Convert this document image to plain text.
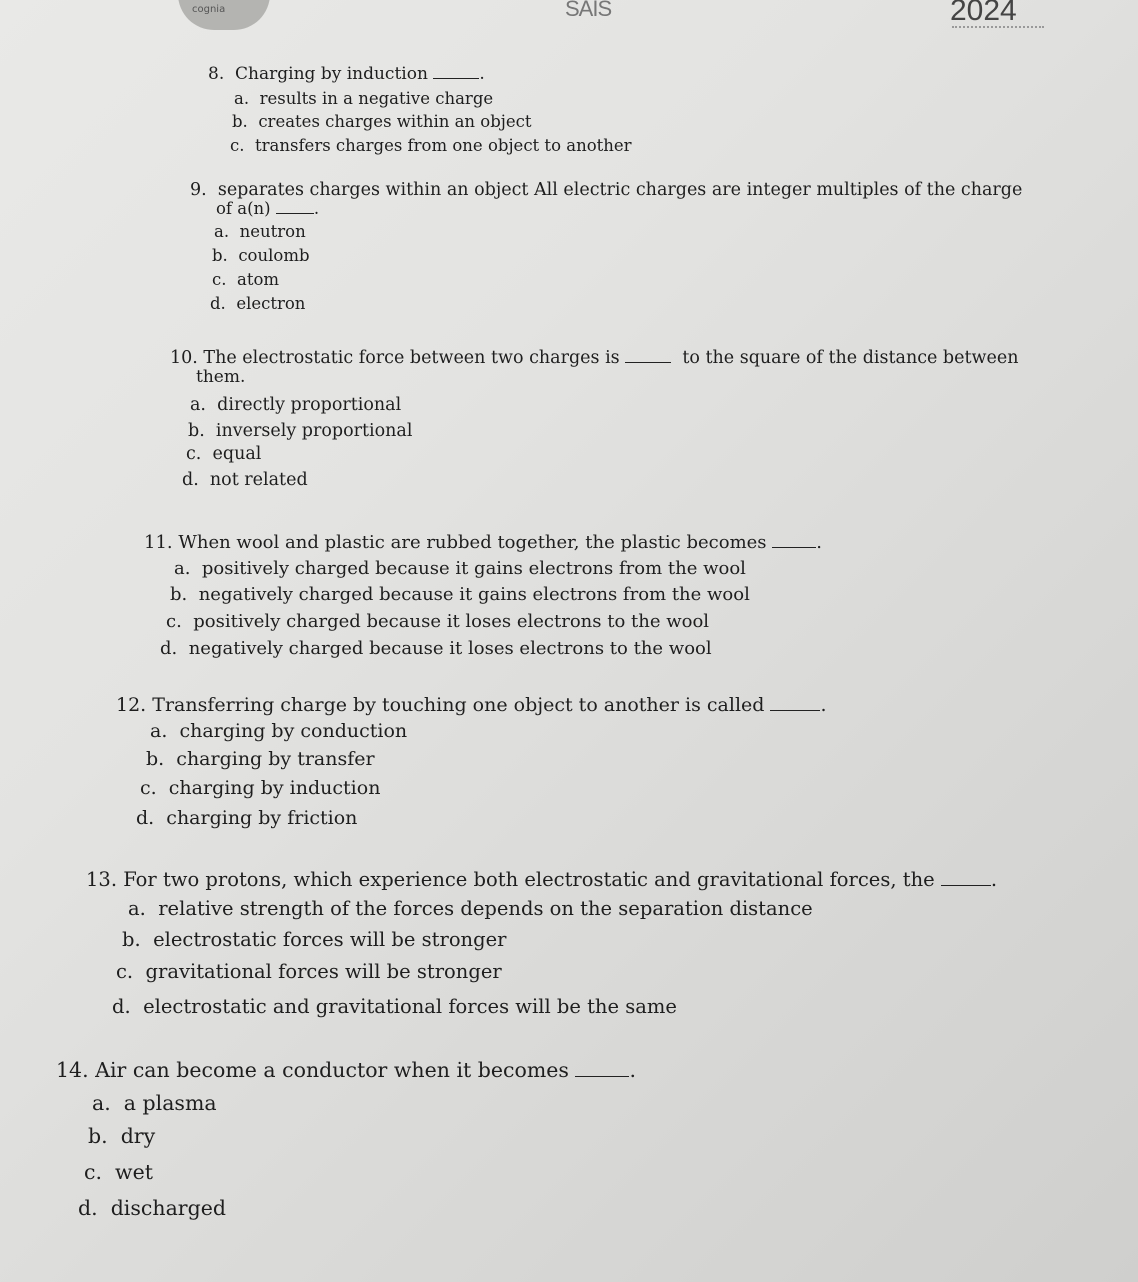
cognia	SAIS	2024
8. Charging by induction	.
a. results in a negative charge
b. creates charges within an object
c. transfers charges from one object to another
9. separates charges within an object All electric charges are integer multiples of the charge
of a(n)	.
a. neutron
b. coulomb
c. atom
d. electron
10. The electrostatic force between two charges is	to the square of the distance between
them.
a. directly proportional
b. inversely proportional
c. equal
d. not related
11. When wool and plastic are rubbed together, the plastic becomes	.
a. positively charged because it gains electrons from the wool
b. negatively charged because it gains electrons from the wool
c. positively charged because it loses electrons to the wool
d. negatively charged because it loses electrons to the wool
12. Transferring charge by touching one object to another is called	.
a. charging by conduction
b. charging by transfer
c. charging by induction
d. charging by friction
13. For two protons, which experience both electrostatic and gravitational forces, the	.
a. relative strength of the forces depends on the separation distance
b. electrostatic forces will be stronger
c. gravitational forces will be stronger
d. electrostatic and gravitational forces will be the same
14. Air can become a conductor when it becomes	.
a. a plasma
b. dry
c. wet
d. discharged
